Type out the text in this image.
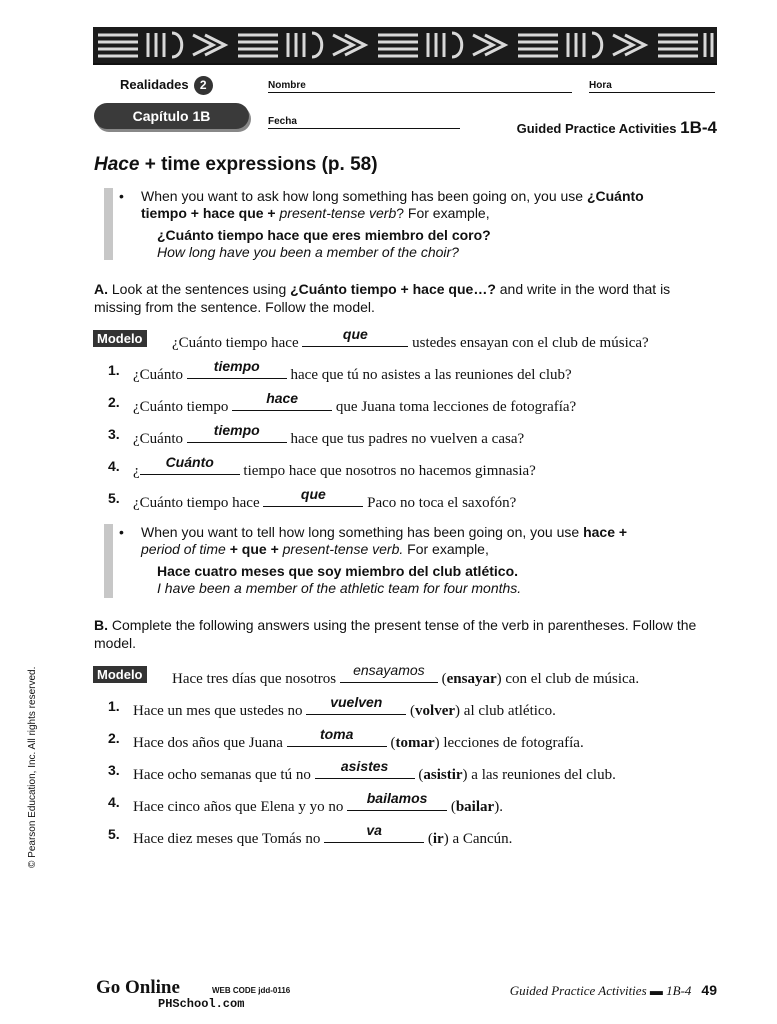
Realidades 2
Capítulo 1B
Nombre	Hora
Fecha	Guided Practice Activities 1B-4
Hace + time expressions (p. 58)
•	When you want to ask how long something has been going on, you use ¿Cuánto
tiempo + hace que + present-tense verb? For example,
¿Cuánto tiempo hace que eres miembro del coro?
How long have you been a member of the choir?
A. Look at the sentences using ¿Cuánto tiempo + hace que…? and write in the word that is missing from the sentence. Follow the model.
Modelo ¿Cuánto tiempo hace
que
ustedes ensayan con el club de música?
1. ¿Cuánto
tiempo
hace que tú no asistes a las reuniones del club?
2. ¿Cuánto tiempo
hace
que Juana toma lecciones de fotografía?
3. ¿Cuánto
tiempo
hace que tus padres no vuelven a casa?
4. ¿
Cuánto
tiempo hace que nosotros no hacemos gimnasia?
5. ¿Cuánto tiempo hace
que
Paco no toca el saxofón?
•	When you want to tell how long something has been going on, you use hace +
period of time + que + present-tense verb. For example,
Hace cuatro meses que soy miembro del club atlético.
I have been a member of the athletic team for four months.
B. Complete the following answers using the present tense of the verb in parentheses. Follow the model.
Modelo Hace tres días que nosotros
ensayamos
(ensayar) con el club de música.
1. Hace un mes que ustedes no
vuelven
(volver) al club atlético.
2. Hace dos años que Juana
toma
(tomar) lecciones de fotografía.
3. Hace ocho semanas que tú no
asistes
(asistir) a las reuniones del club.
4. Hace cinco años que Elena y yo no
bailamos
(bailar).
5. Hace diez meses que Tomás no
va
(ir) a Cancún.
© Pearson Education, Inc. All rights reserved.
Go Online	WEB CODE jdd-0116
PHSchool.com
Guided Practice Activities ▬ 1B-4 49
